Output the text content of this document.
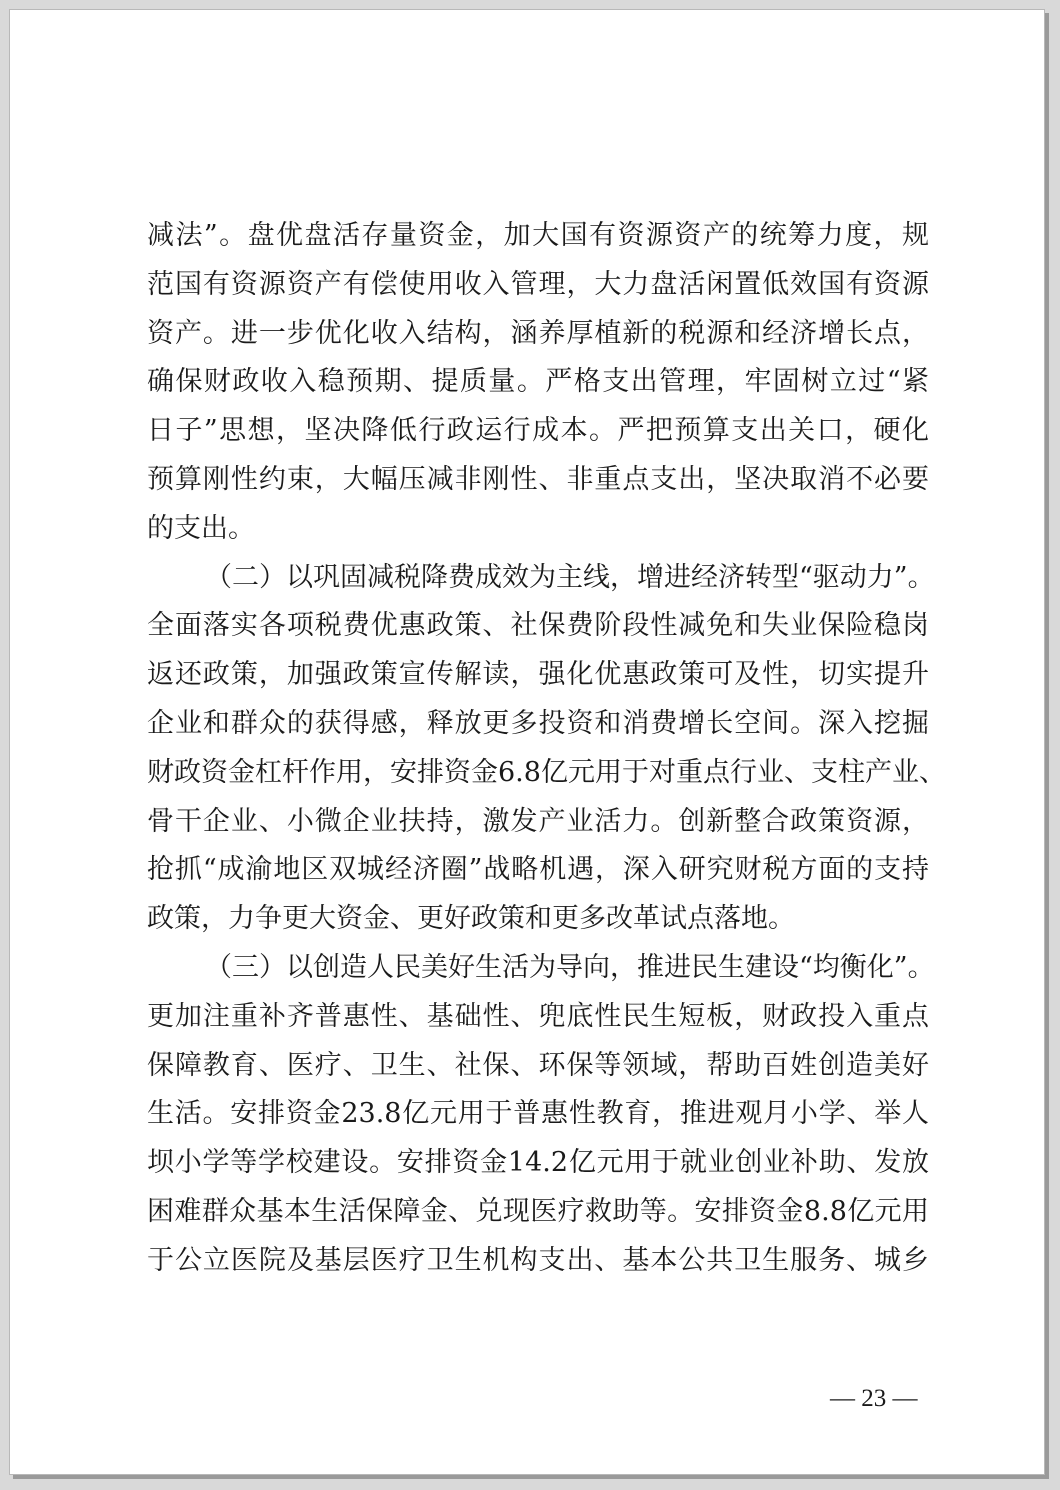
减法”。盘优盘活存量资金，加大国有资源资产的统筹力度，规
范国有资源资产有偿使用收入管理，大力盘活闲置低效国有资源
资产。进一步优化收入结构，涵养厚植新的税源和经济增长点，
确保财政收入稳预期、提质量。严格支出管理，牢固树立过“紧
日子”思想，坚决降低行政运行成本。严把预算支出关口，硬化
预算刚性约束，大幅压减非刚性、非重点支出，坚决取消不必要
的支出。
（二）以巩固减税降费成效为主线，增进经济转型“驱动力”。
全面落实各项税费优惠政策、社保费阶段性减免和失业保险稳岗
返还政策，加强政策宣传解读，强化优惠政策可及性，切实提升
企业和群众的获得感，释放更多投资和消费增长空间。深入挖掘
财政资金杠杆作用，安排资金6.8亿元用于对重点行业、支柱产业、
骨干企业、小微企业扶持，激发产业活力。创新整合政策资源，
抢抓“成渝地区双城经济圈”战略机遇，深入研究财税方面的支持
政策，力争更大资金、更好政策和更多改革试点落地。
（三）以创造人民美好生活为导向，推进民生建设“均衡化”。
更加注重补齐普惠性、基础性、兜底性民生短板，财政投入重点
保障教育、医疗、卫生、社保、环保等领域，帮助百姓创造美好
生活。安排资金23.8亿元用于普惠性教育，推进观月小学、举人
坝小学等学校建设。安排资金14.2亿元用于就业创业补助、发放
困难群众基本生活保障金、兑现医疗救助等。安排资金8.8亿元用
于公立医院及基层医疗卫生机构支出、基本公共卫生服务、城乡
— 23 —
